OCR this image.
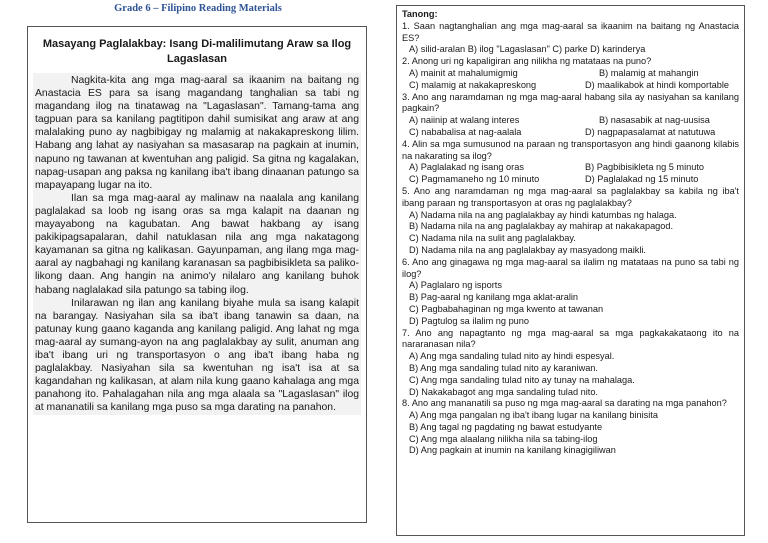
Grade 6 – Filipino Reading Materials
Masayang Paglalakbay: Isang Di-malilimutang Araw sa Ilog Lagaslasan

Nagkita-kita ang mga mag-aaral sa ikaanim na baitang ng Anastacia ES para sa isang magandang tanghalian sa tabi ng magandang ilog na tinatawag na "Lagaslasan". Tamang-tama ang tagpuan para sa kanilang pagtitipon dahil sumisikat ang araw at ang malalaking puno ay nagbibigay ng malamig at nakakapreskong lilim. Habang ang lahat ay nasiyahan sa masasarap na pagkain at inumin, napuno ng tawanan at kwentuhan ang paligid. Sa gitna ng kagalakan, napag-usapan ang paksa ng kanilang iba't ibang dinaanan patungo sa mapayapang lugar na ito.

Ilan sa mga mag-aaral ay malinaw na naalala ang kanilang paglalakad sa loob ng isang oras sa mga kalapit na daanan ng mayayabong na kagubatan. Ang bawat hakbang ay isang pakikipagsapalaran, dahil natuklasan nila ang mga nakatagong kayamanan sa gitna ng kalikasan. Gayunpaman, ang ilang mga mag-aaral ay nagbahagi ng kanilang karanasan sa pagbibisikleta sa paliko-likong daan. Ang hangin na animo'y nilalaro ang kanilang buhok habang naglalakad sila patungo sa tabing ilog.

Inilarawan ng ilan ang kanilang biyahe mula sa isang kalapit na barangay. Nasiyahan sila sa iba't ibang tanawin sa daan, na patunay kung gaano kaganda ang kanilang paligid. Ang lahat ng mga mag-aaral ay sumang-ayon na ang paglalakbay ay sulit, anuman ang iba't ibang uri ng transportasyon o ang iba't ibang haba ng paglalakbay. Nasiyahan sila sa kwentuhan ng isa't isa at sa kagandahan ng kalikasan, at alam nila kung gaano kahalaga ang mga panahong ito. Pahalagahan nila ang mga alaala sa "Lagaslasan" ilog at mananatili sa kanilang mga puso sa mga darating na panahon.

Tanong:
1. Saan nagtanghalian ang mga mag-aaral sa ikaanim na baitang ng Anastacia ES?
A) silid-aralan B) ilog "Lagaslasan" C) parke D) karinderya
2. Anong uri ng kapaligiran ang nilikha ng matataas na puno?
A) mainit at mahalumigmig	B) malamig at mahangin
C) malamig at nakakapreskong	D) maalikabok at hindi komportable
3. Ano ang naramdaman ng mga mag-aaral habang sila ay nasiyahan sa kanilang pagkain?
A) naiinip at walang interes	B) nasasabik at nag-uusisa
C) nababalisa at nag-aalala	D) nagpapasalamat at natutuwa
4. Alin sa mga sumusunod na paraan ng transportasyon ang hindi gaanong kilabis na nakarating sa ilog?
A) Paglalakad ng isang oras	B) Pagbibisikleta ng 5 minuto
C) Pagmamaneho ng 10 minuto	D) Paglalakad ng 15 minuto
5. Ano ang naramdaman ng mga mag-aaral sa paglalakbay sa kabila ng iba't ibang paraan ng transportasyon at oras ng paglalakbay?
A) Nadama nila na ang paglalakbay ay hindi katumbas ng halaga.
B) Nadama nila na ang paglalakbay ay mahirap at nakakapagod.
C) Nadama nila na sulit ang paglalakbay.
D) Nadama nila na ang paglalakbay ay masyadong maikli.
6. Ano ang ginagawa ng mga mag-aaral sa ilalim ng matataas na puno sa tabi ng ilog?
A) Paglalaro ng isports
B) Pag-aaral ng kanilang mga aklat-aralin
C) Pagbabahaginan ng mga kwento at tawanan
D) Pagtulog sa ilalim ng puno
7. Ano ang napagtanto ng mga mag-aaral sa mga pagkakakataong ito na nararanasan nila?
A) Ang mga sandaling tulad nito ay hindi espesyal.
B) Ang mga sandaling tulad nito ay karaniwan.
C) Ang mga sandaling tulad nito ay tunay na mahalaga.
D) Nakakabagot ang mga sandaling tulad nito.
8. Ano ang mananatili sa puso ng mga mag-aaral sa darating na mga panahon?
A) Ang mga pangalan ng iba't ibang lugar na kanilang binisita
B) Ang tagal ng pagdating ng bawat estudyante
C) Ang mga alaalang nilikha nila sa tabing-ilog
D) Ang pagkain at inumin na kanilang kinagigiliwan
